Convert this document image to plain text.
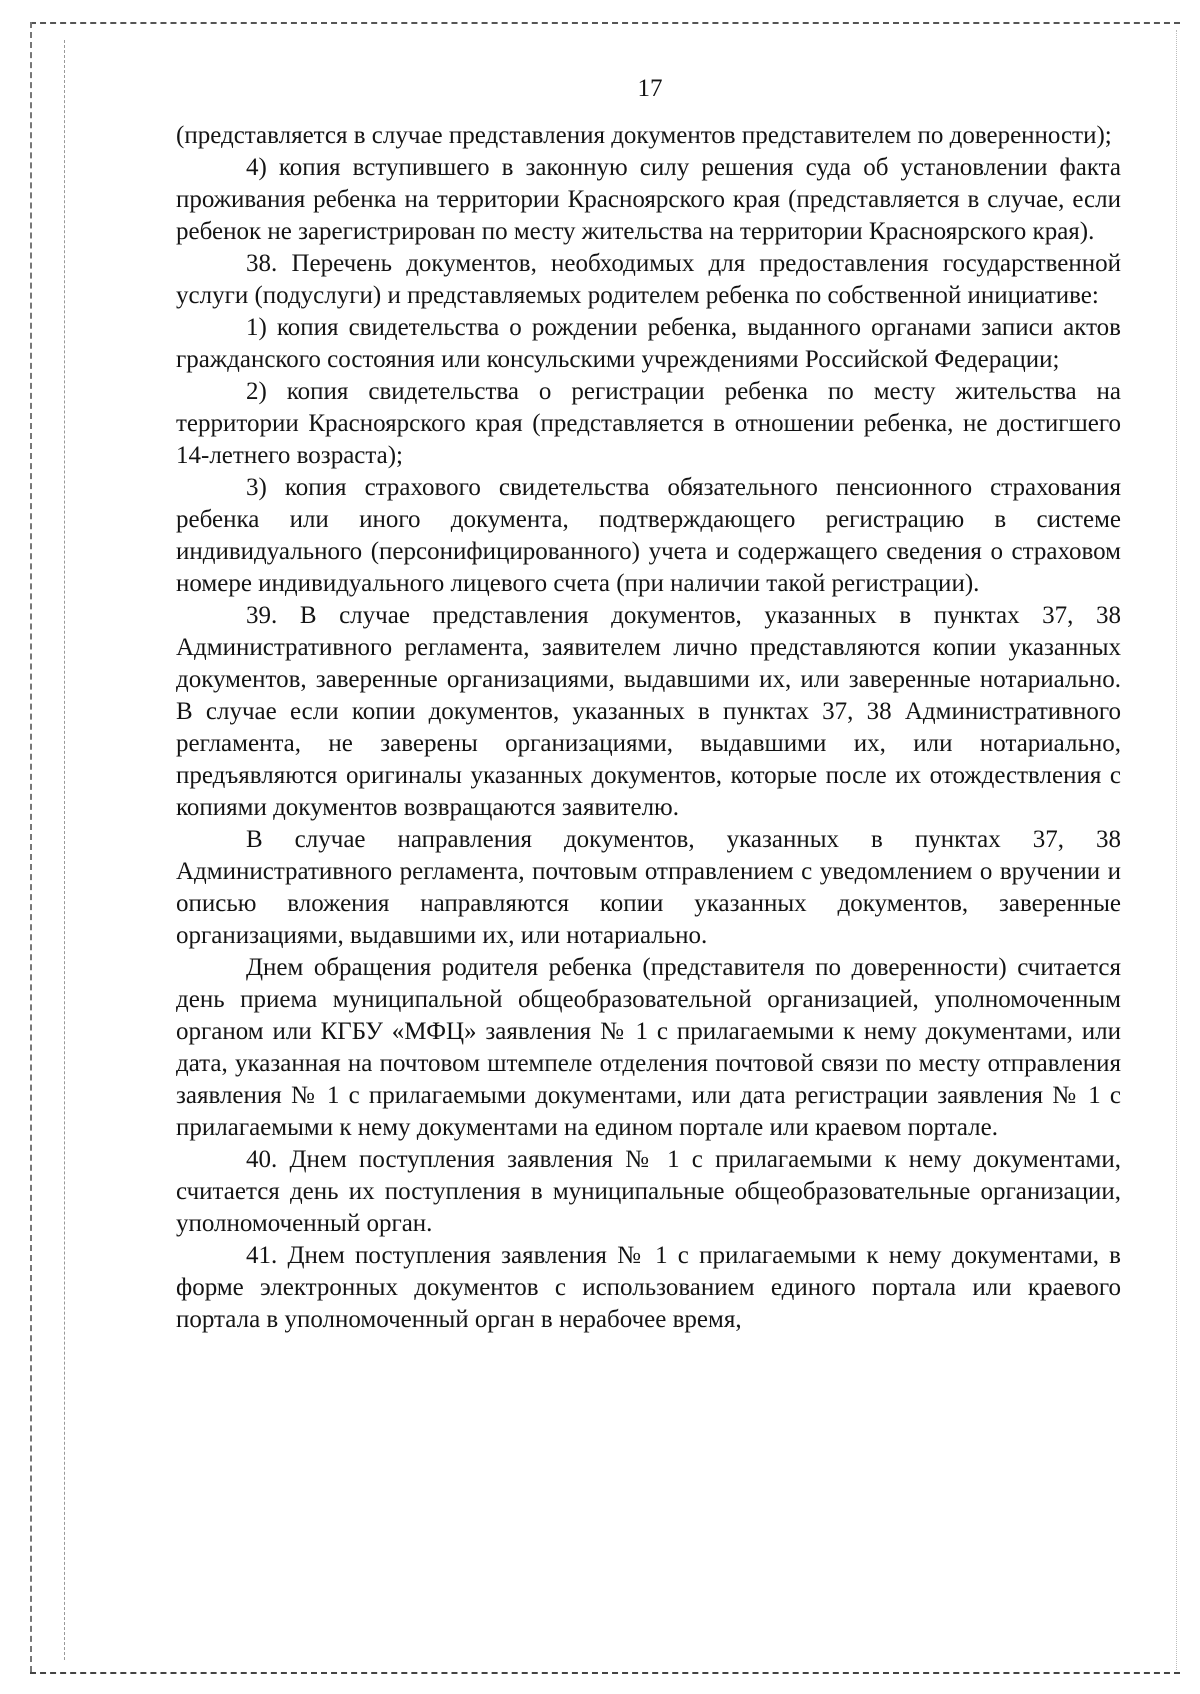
17

(представляется в случае представления документов представителем по доверенности);

4) копия вступившего в законную силу решения суда об установлении факта проживания ребенка на территории Красноярского края (представляется в случае, если ребенок не зарегистрирован по месту жительства на территории Красноярского края).

38. Перечень документов, необходимых для предоставления государственной услуги (подуслуги) и представляемых родителем ребенка по собственной инициативе:

1) копия свидетельства о рождении ребенка, выданного органами записи актов гражданского состояния или консульскими учреждениями Российской Федерации;

2) копия свидетельства о регистрации ребенка по месту жительства на территории Красноярского края (представляется в отношении ребенка, не достигшего 14-летнего возраста);

3) копия страхового свидетельства обязательного пенсионного страхования ребенка или иного документа, подтверждающего регистрацию в системе индивидуального (персонифицированного) учета и содержащего сведения о страховом номере индивидуального лицевого счета (при наличии такой регистрации).

39. В случае представления документов, указанных в пунктах 37, 38 Административного регламента, заявителем лично представляются копии указанных документов, заверенные организациями, выдавшими их, или заверенные нотариально. В случае если копии документов, указанных в пунктах 37, 38 Административного регламента, не заверены организациями, выдавшими их, или нотариально, предъявляются оригиналы указанных документов, которые после их отождествления с копиями документов возвращаются заявителю.

В случае направления документов, указанных в пунктах 37, 38 Административного регламента, почтовым отправлением с уведомлением о вручении и описью вложения направляются копии указанных документов, заверенные организациями, выдавшими их, или нотариально.

Днем обращения родителя ребенка (представителя по доверенности) считается день приема муниципальной общеобразовательной организацией, уполномоченным органом или КГБУ «МФЦ» заявления № 1 с прилагаемыми к нему документами, или дата, указанная на почтовом штемпеле отделения почтовой связи по месту отправления заявления № 1 с прилагаемыми документами, или дата регистрации заявления № 1 с прилагаемыми к нему документами на едином портале или краевом портале.

40. Днем поступления заявления № 1 с прилагаемыми к нему документами, считается день их поступления в муниципальные общеобразовательные организации, уполномоченный орган.

41. Днем поступления заявления № 1 с прилагаемыми к нему документами, в форме электронных документов с использованием единого портала или краевого портала в уполномоченный орган в нерабочее время,
